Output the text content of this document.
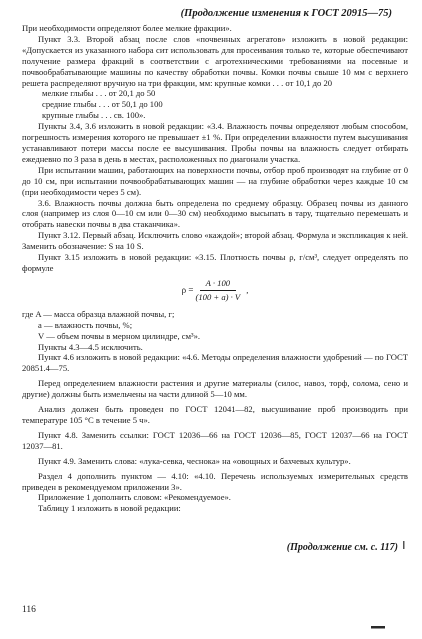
(Продолжение изменения к ГОСТ 20915—75)

При необходимости определяют более мелкие фракции».

Пункт 3.3. Второй абзац после слов «почвенных агрегатов» изложить в новой редакции: «Допускается из указанного набора сит использовать для просеивания только те, которые обеспечивают получение размера фракций в соответствии с агротехническими требованиями на посевные и почвообрабатывающие машины по качеству обработки почвы. Комки почвы свыше 10 мм с верхнего решета распределяют вручную на три фракции, мм: крупные комки . . . от 10,1 до 20

мелкие глыбы . . . от 20,1 до 50
средние глыбы . . . от 50,1 до 100
крупные глыбы . . . св. 100».

Пункты 3.4, 3.6 изложить в новой редакции: «3.4. Влажность почвы определяют любым способом, погрешность измерения которого не превышает ±1 %. При определении влажности путем высушивания устанавливают потери массы после ее высушивания. Пробы почвы на влажность следует отбирать ежедневно по 3 раза в день в местах, расположенных по диагонали участка.

При испытании машин, работающих на поверхности почвы, отбор проб производят на глубине от 0 до 10 см, при испытании почвообрабатывающих машин — на глубине обработки через каждые 10 см (при необходимости через 5 см).

3.6. Влажность почвы должна быть определена по среднему образцу. Образец почвы из данного слоя (например из слоя 0—10 см или 0—30 см) необходимо высыпать в тару, тщательно перемешать и отобрать навески почвы в два стаканчика».

Пункт 3.12. Первый абзац. Исключить слово «каждой»; второй абзац. Формула и экспликация к ней. Заменить обозначение: S на 10 S.

Пункт 3.15 изложить в новой редакции: «3.15. Плотность почвы ρ, г/см³, следует определять по формуле

$\rho = \frac{A \cdot 100}{(100 + a) \cdot V}$ ,

где A — масса образца влажной почвы, г;

a — влажность почвы, %;

V — объем почвы в мерном цилиндре, см³».

Пункты 4.3—4.5 исключить.

Пункт 4.6 изложить в новой редакции: «4.6. Методы определения влажности удобрений — по ГОСТ 20851.4—75.

Перед определением влажности растения и другие материалы (силос, навоз, торф, солома, сено и другие) должны быть измельчены на части длиной 5—10 мм.

Анализ должен быть проведен по ГОСТ 12041—82, высушивание проб производить при температуре 105 °C в течение 5 ч».

Пункт 4.8. Заменить ссылки: ГОСТ 12036—66 на ГОСТ 12036—85, ГОСТ 12037—66 на ГОСТ 12037—81.

Пункт 4.9. Заменить слова: «лука-севка, чеснока» на «овощных и бахчевых культур».

Раздел 4 дополнить пунктом — 4.10: «4.10. Перечень используемых измерительных средств приведен в рекомендуемом приложении 3».

Приложение 1 дополнить словом: «Рекомендуемое».

Таблицу 1 изложить в новой редакции:

(Продолжение см. с. 117)
116
